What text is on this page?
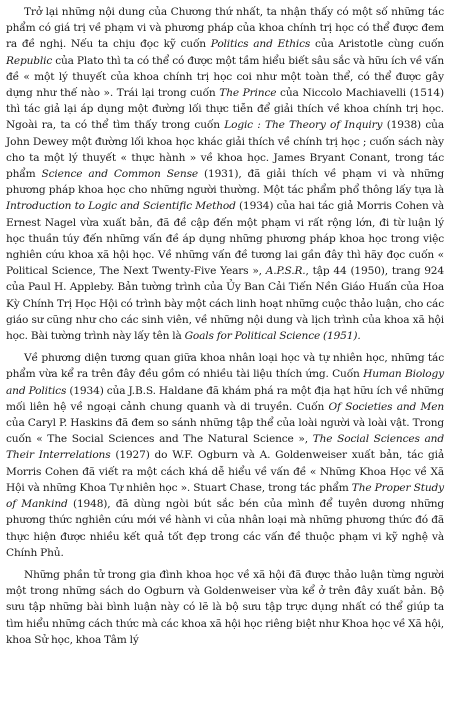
Trở lại những nội dung của Chương thứ nhất, ta nhận thấy có một số những tác phẩm có giá trị về phạm vi và phương pháp của khoa chính trị học có thể được đem ra đề nghị. Nếu ta chịu đọc kỹ cuốn Politics and Ethics của Aristotle cùng cuốn Republic của Plato thì ta có thể có được một tầm hiểu biết sâu sắc và hữu ích về vấn đề « một lý thuyết của khoa chính trị học coi như một toàn thể, có thể được gây dựng như thế nào ». Trái lại trong cuốn The Prince của Niccolo Machiavelli (1514) thì tác giả lại áp dụng một đường lối thực tiễn để giải thích về khoa chính trị học. Ngoài ra, ta có thể tìm thấy trong cuốn Logic : The Theory of Inquiry (1938) của John Dewey một đường lối khoa học khác giải thích về chính trị học ; cuốn sách này cho ta một lý thuyết « thực hành » về khoa học. James Bryant Conant, trong tác phẩm Science and Common Sense (1931), đã giải thích về phạm vi và những phương pháp khoa học cho những người thường. Một tác phẩm phổ thông lấy tựa là Introduction to Logic and Scientific Method (1934) của hai tác giả Morris Cohen và Ernest Nagel vừa xuất bản, đã đề cập đến một phạm vi rất rộng lớn, đi từ luận lý học thuần túy đến những vấn đề áp dụng những phương pháp khoa học trong việc nghiên cứu khoa xã hội học. Về những vấn đề tương lai gần đây thì hãy đọc cuốn « Political Science, The Next Twenty-Five Years », A.P.S.R., tập 44 (1950), trang 924 của Paul H. Appleby. Bản tường trình của Ủy Ban Cải Tiến Nền Giáo Huấn của Hoa Kỳ Chính Trị Học Hội có trình bày một cách linh hoạt những cuộc thảo luận, cho các giáo sư cũng như cho các sinh viên, về những nội dung và lịch trình của khoa xã hội học. Bài tường trình này lấy tên là Goals for Political Science (1951).

Về phương diện tương quan giữa khoa nhân loại học và tự nhiên học, những tác phẩm vừa kể ra trên đây đều gồm có nhiều tài liệu thích ứng. Cuốn Human Biology and Politics (1934) của J.B.S. Haldane đã khám phá ra một địa hạt hữu ích về những mối liên hệ về ngoại cảnh chung quanh và di truyền. Cuốn Of Societies and Men của Caryl P. Haskins đã đem so sánh những tập thể của loài người và loài vật. Trong cuốn « The Social Sciences and The Natural Science », The Social Sciences and Their Interrelations (1927) do W.F. Ogburn và A. Goldenweiser xuất bản, tác giả Morris Cohen đã viết ra một cách khá dễ hiểu về vấn đề « Những Khoa Học về Xã Hội và những Khoa Tự nhiên học ». Stuart Chase, trong tác phẩm The Proper Study of Mankind (1948), đã dùng ngòi bút sắc bén của mình để tuyên dương những phương thức nghiên cứu mới về hành vi của nhân loại mà những phương thức đó đã thực hiện được nhiều kết quả tốt đẹp trong các vấn đề thuộc phạm vi kỹ nghệ và Chính Phủ.

Những phần tử trong gia đình khoa học về xã hội đã được thảo luận từng người một trong những sách do Ogburn và Goldenweiser vừa kể ở trên đây xuất bản. Bộ sưu tập những bài bình luận này có lẽ là bộ sưu tập trực dụng nhất có thể giúp ta tìm hiểu những cách thức mà các khoa xã hội học riêng biệt như Khoa học về Xã hội, khoa Sử học, khoa Tâm lý
